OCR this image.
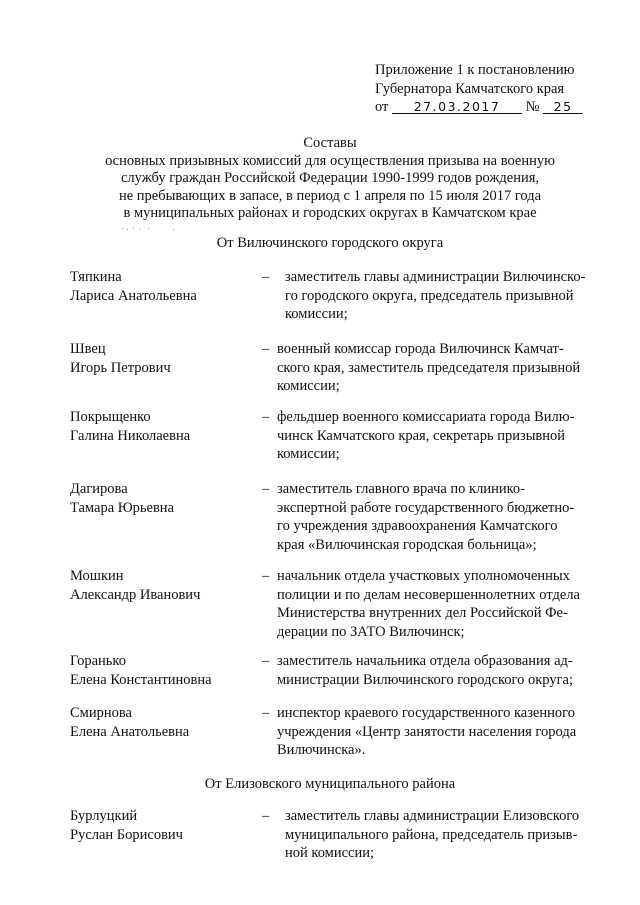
Приложение 1 к постановлению
Губернатора Камчатского края
от 27.03.2017 № 25
Составы
основных призывных комиссий для осуществления призыва на военную
службу граждан Российской Федерации 1990-1999 годов рождения,
не пребывающих в запасе, в период с 1 апреля по 15 июля 2017 года
в муниципальных районах и городских округах в Камчатском крае
От Вилючинского городского округа
Тяпкина
Лариса Анатольевна
– заместитель главы администрации Вилючинско-
го городского округа, председатель призывной
комиссии;
Швец
Игорь Петрович
– военный комиссар города Вилючинск Камчат-
ского края, заместитель председателя призывной
комиссии;
Покрыщенко
Галина Николаевна
– фельдшер военного комиссариата города Вилю-
чинск Камчатского края, секретарь призывной
комиссии;
Дагирова
Тамара Юрьевна
– заместитель главного врача по клинико-
экспертной работе государственного бюджетно-
го учреждения здравоохранения Камчатского
края «Вилючинская городская больница»;
Мошкин
Александр Иванович
– начальник отдела участковых уполномоченных
полиции и по делам несовершеннолетних отдела
Министерства внутренних дел Российской Фе-
дерации по ЗАТО Вилючинск;
Горанько
Елена Константиновна
– заместитель начальника отдела образования ад-
министрации Вилючинского городского округа;
Смирнова
Елена Анатольевна
– инспектор краевого государственного казенного
учреждения «Центр занятости населения города
Вилючинска».
От Елизовского муниципального района
Бурлуцкий
Руслан Борисович
– заместитель главы администрации Елизовского
муниципального района, председатель призыв-
ной комиссии;
